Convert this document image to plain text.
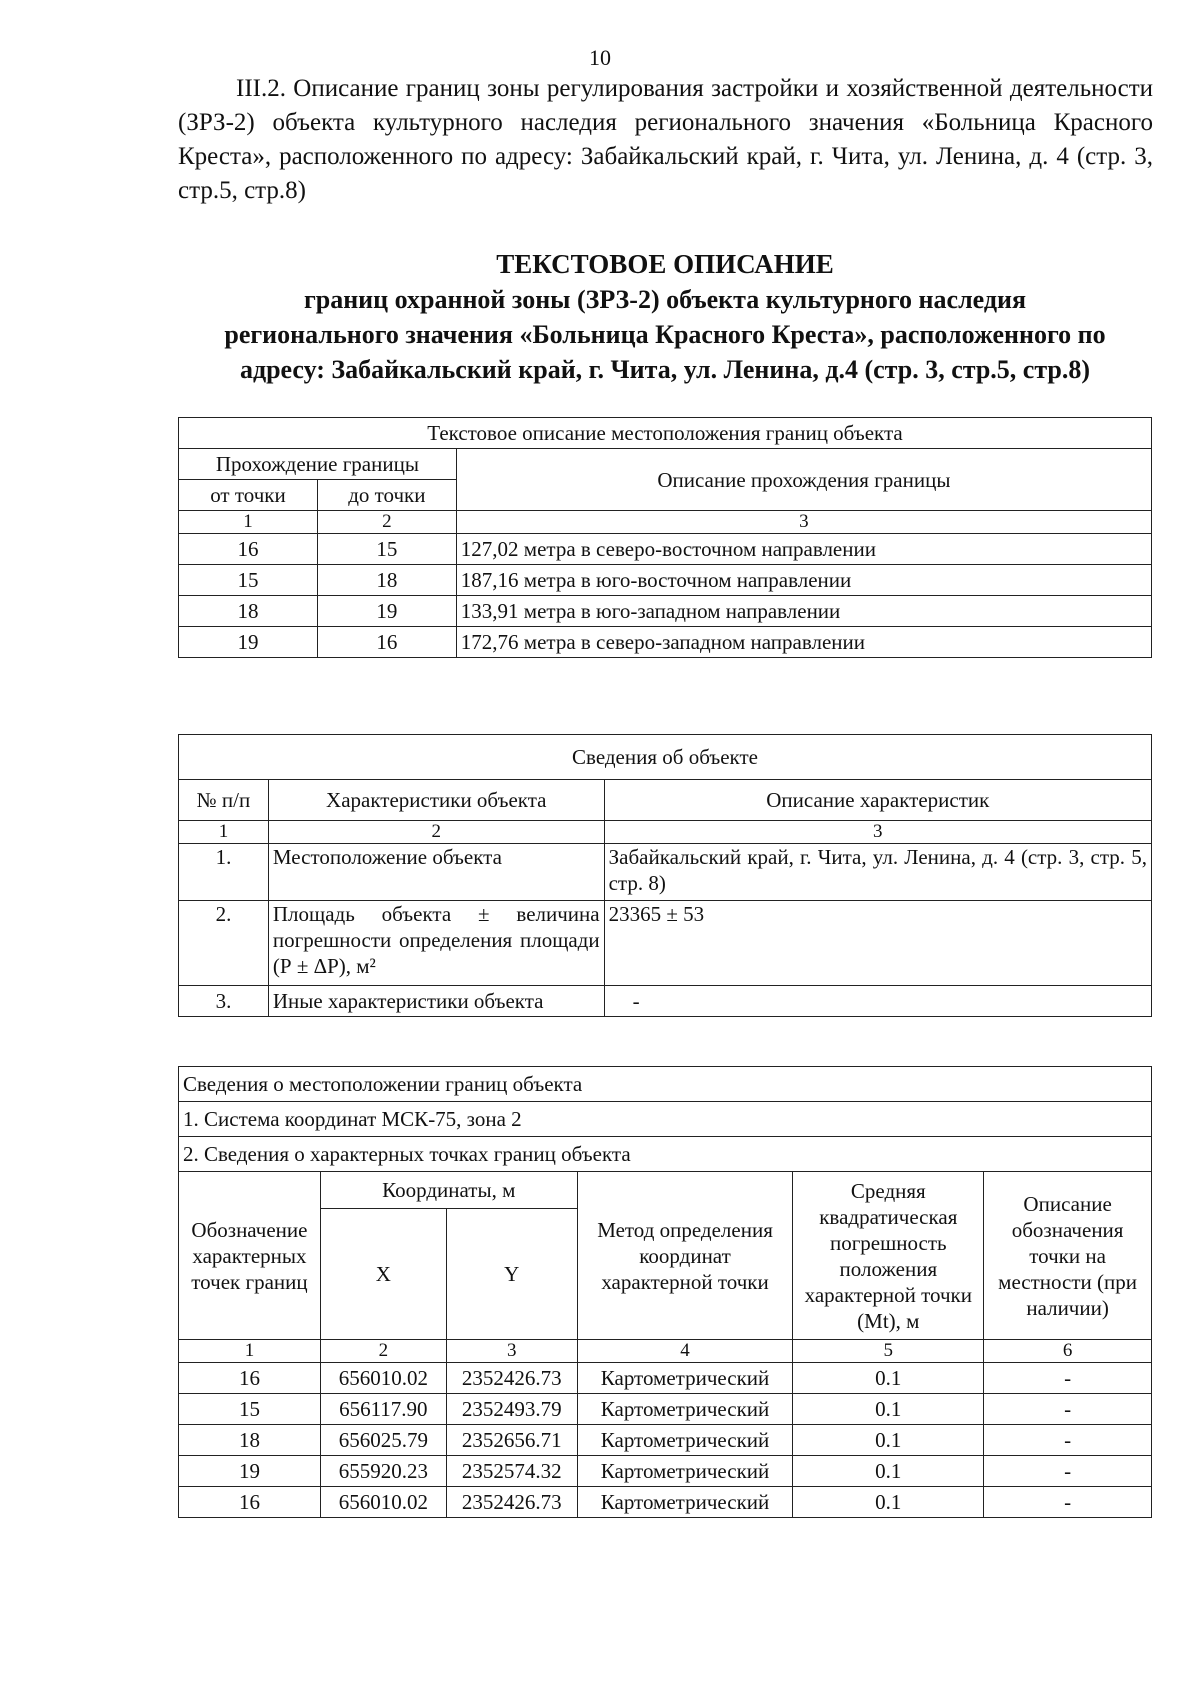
10
III.2. Описание границ зоны регулирования застройки и хозяйственной деятельности (ЗРЗ-2) объекта культурного наследия регионального значения «Больница Красного Креста», расположенного по адресу: Забайкальский край, г. Чита, ул. Ленина, д. 4 (стр. 3, стр.5, стр.8)
ТЕКСТОВОЕ ОПИСАНИЕ
границ охранной зоны (ЗРЗ-2) объекта культурного наследия
регионального значения «Больница Красного Креста», расположенного по
адресу: Забайкальский край, г. Чита, ул. Ленина, д.4 (стр. 3, стр.5, стр.8)
Текстовое описание местоположения границ объекта		
Прохождение границы		Описание прохождения границы
от точки	до точки	
1	2	3
16	15	127,02 метра в северо-восточном направлении
15	18	187,16 метра в юго-восточном направлении
18	19	133,91 метра в юго-западном направлении
19	16	172,76 метра в северо-западном направлении
Сведения об объекте		
№ п/п	Характеристики объекта	Описание характеристик
1	2	3
1.	Местоположение объекта	Забайкальский край, г. Чита, ул. Ленина, д. 4 (стр. 3, стр. 5, стр. 8)
2.	Площадь объекта ± величина погрешности определения площади (Р ± ΔР), м²	23365 ± 53
3.	Иные характеристики объекта	-
Сведения о местоположении границ объекта					
1. Система координат МСК-75, зона 2					
2. Сведения о характерных точках границ объекта					
Обозначение характерных точек границ	Координаты, м		Метод определения координат характерной точки	Средняя квадратическая погрешность положения характерной точки (Mt), м	Описание обозначения точки на местности (при наличии)
	X	Y			
1	2	3	4	5	6
16	656010.02	2352426.73	Картометрический	0.1	-
15	656117.90	2352493.79	Картометрический	0.1	-
18	656025.79	2352656.71	Картометрический	0.1	-
19	655920.23	2352574.32	Картометрический	0.1	-
16	656010.02	2352426.73	Картометрический	0.1	-
